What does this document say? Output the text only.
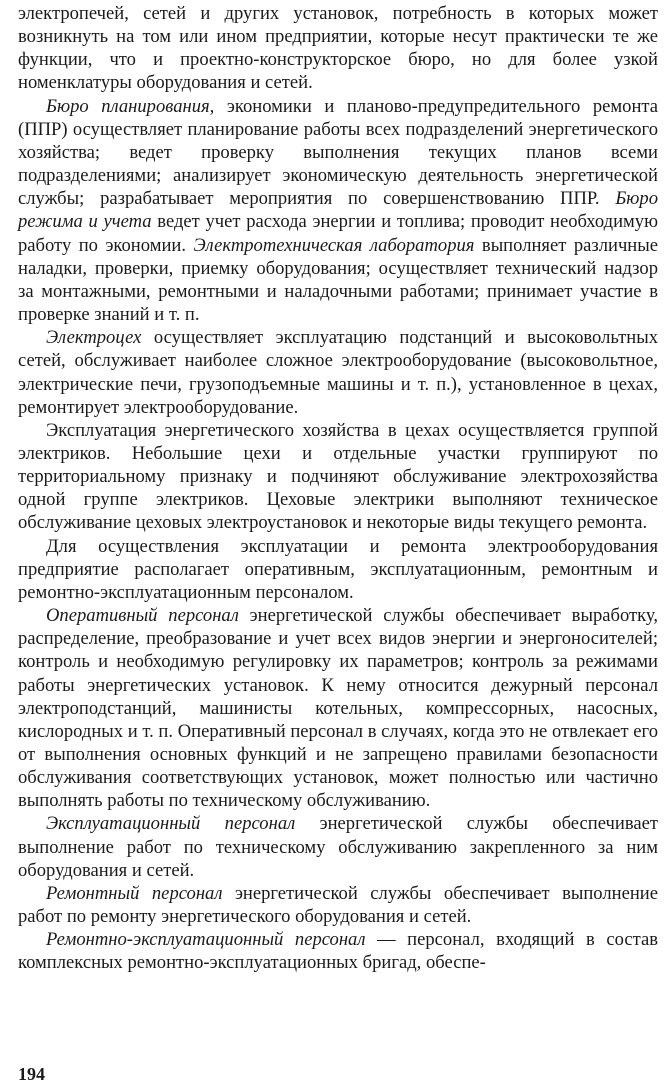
электропечей, сетей и других установок, потребность в которых может возникнуть на том или ином предприятии, которые несут практически те же функции, что и проектно-конструкторское бюро, но для более узкой номенклатуры оборудования и сетей.

Бюро планирования, экономики и планово-предупредительного ремонта (ППР) осуществляет планирование работы всех подразделений энергетического хозяйства; ведет проверку выполнения текущих планов всеми подразделениями; анализирует экономическую деятельность энергетической службы; разрабатывает мероприятия по совершенствованию ППР. Бюро режима и учета ведет учет расхода энергии и топлива; проводит необходимую работу по экономии. Электротехническая лаборатория выполняет различные наладки, проверки, приемку оборудования; осуществляет технический надзор за монтажными, ремонтными и наладочными работами; принимает участие в проверке знаний и т. п.

Электроцех осуществляет эксплуатацию подстанций и высоковольтных сетей, обслуживает наиболее сложное электрооборудование (высоковольтное, электрические печи, грузоподъемные машины и т. п.), установленное в цехах, ремонтирует электрооборудование.

Эксплуатация энергетического хозяйства в цехах осуществляется группой электриков. Небольшие цехи и отдельные участки группируют по территориальному признаку и подчиняют обслуживание электрохозяйства одной группе электриков. Цеховые электрики выполняют техническое обслуживание цеховых электроустановок и некоторые виды текущего ремонта.

Для осуществления эксплуатации и ремонта электрооборудования предприятие располагает оперативным, эксплуатационным, ремонтным и ремонтно-эксплуатационным персоналом.

Оперативный персонал энергетической службы обеспечивает выработку, распределение, преобразование и учет всех видов энергии и энергоносителей; контроль и необходимую регулировку их параметров; контроль за режимами работы энергетических установок. К нему относится дежурный персонал электроподстанций, машинисты котельных, компрессорных, насосных, кислородных и т. п. Оперативный персонал в случаях, когда это не отвлекает его от выполнения основных функций и не запрещено правилами безопасности обслуживания соответствующих установок, может полностью или частично выполнять работы по техническому обслуживанию.

Эксплуатационный персонал энергетической службы обеспечивает выполнение работ по техническому обслуживанию закрепленного за ним оборудования и сетей.

Ремонтный персонал энергетической службы обеспечивает выполнение работ по ремонту энергетического оборудования и сетей.

Ремонтно-эксплуатационный персонал — персонал, входящий в состав комплексных ремонтно-эксплуатационных бригад, обеспе-

194
